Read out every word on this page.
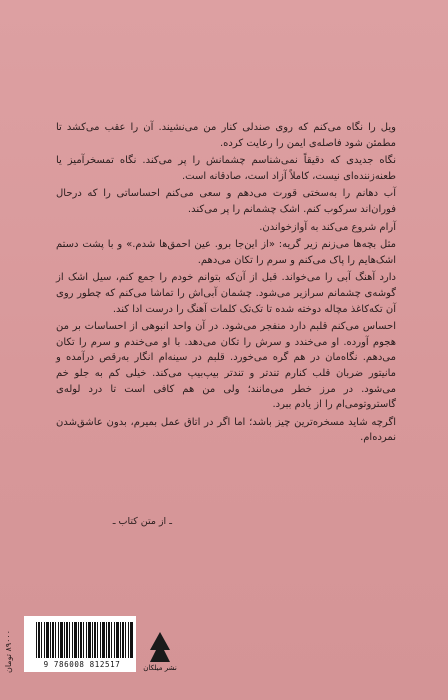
ویل را نگاه می‌کنم که روی صندلی کنار من می‌نشیند. آن را عقب می‌کشد تا مطمئن شود فاصله‌ی ایمن را رعایت کرده.

نگاه جدیدی که دقیقاً نمی‌شناسم چشمانش را پر می‌کند. نگاه تمسخرآمیز یا طعنه‌زننده‌ای نیست، کاملاً آزاد است، صادقانه است.

آب دهانم را به‌سختی قورت می‌دهم و سعی می‌کنم احساساتی را که درحال فوران‌اند سرکوب کنم. اشک چشمانم را پر می‌کند.

آرام شروع می‌کند به آوازخواندن.

مثل بچه‌ها می‌زنم زیر گریه: «از این‌جا برو. عین احمق‌ها شدم.» و با پشت دستم اشک‌هایم را پاک می‌کنم و سرم را تکان می‌دهم.

دارد آهنگ آبی را می‌خواند. قبل از آن‌که بتوانم خودم را جمع کنم، سیل اشک از گوشه‌ی چشمانم سرازیر می‌شود. چشمان آبی‌اش را تماشا می‌کنم که چطور روی آن تکه‌کاغذ مچاله دوخته شده تا تک‌تک کلمات آهنگ را درست ادا کند.

احساس می‌کنم قلبم دارد منفجر می‌شود. در آن واحد انبوهی از احساسات بر من هجوم آورده. او می‌خندد و سرش را تکان می‌دهد. با او می‌خندم و سرم را تکان می‌دهم. نگاه‌مان در هم گره می‌خورد. قلبم در سینه‌ام انگار به‌رقص درآمده و مانیتور ضربان قلب کنارم تندتر و تندتر بیپ‌بیپ می‌کند. خیلی کم به جلو خم می‌شود. در مرز خطر می‌مانند؛ ولی من هم کافی است تا درد لوله‌ی گاستروتومی‌ام را از یادم ببرد.

اگرچه شاید مسخره‌ترین چیز باشد؛ اما اگر در اتاق عمل بمیرم، بدون عاشق‌شدن نمرده‌ام.

ـ از متن کتاب ـ
۸۹۰۰۰ تومان
9 786008 812517	نشر میلکان
